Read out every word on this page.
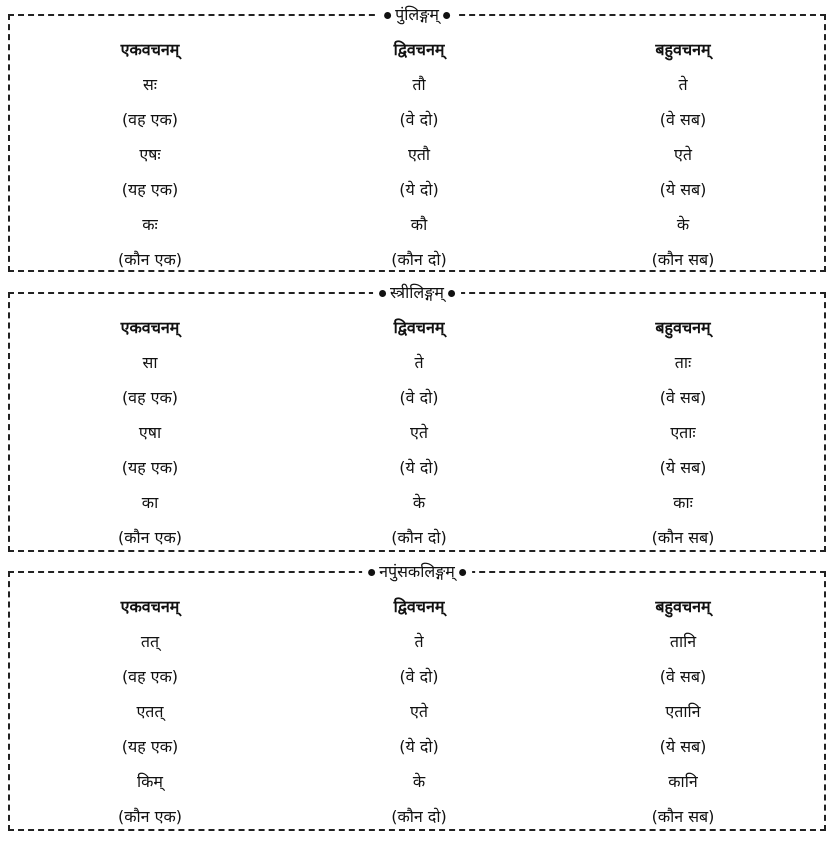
पुंलिङ्गम्
एकवचनम्	द्विवचनम्	बहुवचनम्
सः	तौ	ते
(वह एक)	(वे दो)	(वे सब)
एषः	एतौ	एते
(यह एक)	(ये दो)	(ये सब)
कः	कौ	के
(कौन एक)	(कौन दो)	(कौन सब)
स्त्रीलिङ्गम्
एकवचनम्	द्विवचनम्	बहुवचनम्
सा	ते	ताः
(वह एक)	(वे दो)	(वे सब)
एषा	एते	एताः
(यह एक)	(ये दो)	(ये सब)
का	के	काः
(कौन एक)	(कौन दो)	(कौन सब)
नपुंसकलिङ्गम्
एकवचनम्	द्विवचनम्	बहुवचनम्
तत्	ते	तानि
(वह एक)	(वे दो)	(वे सब)
एतत्	एते	एतानि
(यह एक)	(ये दो)	(ये सब)
किम्	के	कानि
(कौन एक)	(कौन दो)	(कौन सब)
